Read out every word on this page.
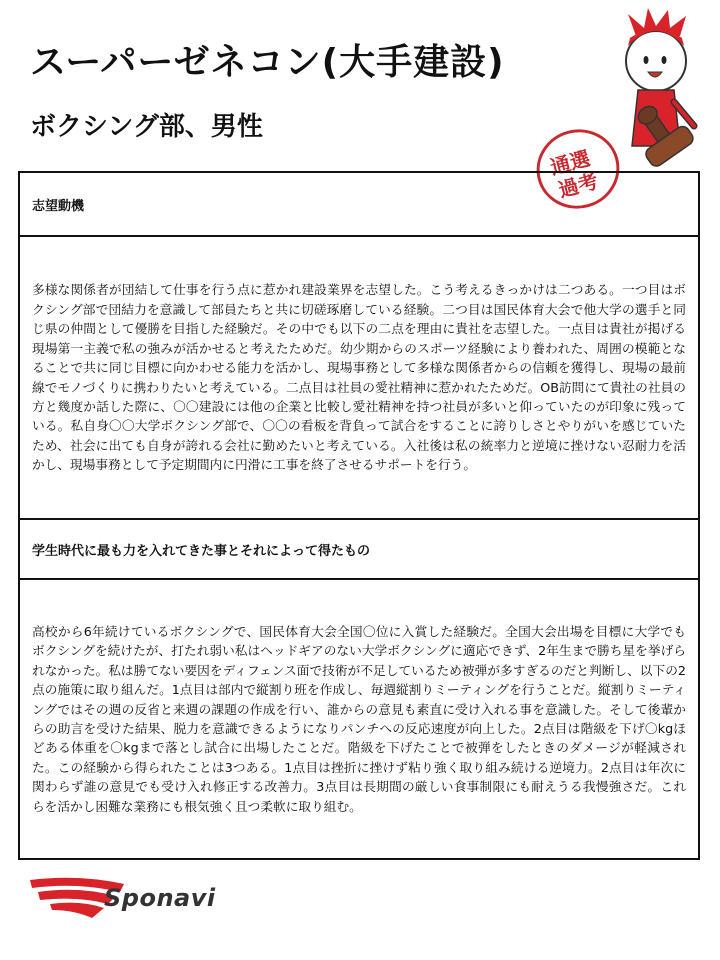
スーパーゼネコン(大手建設)
ボクシング部、男性
通選
過考
志望動機

多様な関係者が団結して仕事を行う点に惹かれ建設業界を志望した。こう考えるきっかけは二つある。一つ目はボクシング部で団結力を意識して部員たちと共に切磋琢磨している経験。二つ目は国民体育大会で他大学の選手と同じ県の仲間として優勝を目指した経験だ。その中でも以下の二点を理由に貴社を志望した。一点目は貴社が掲げる現場第一主義で私の強みが活かせると考えたためだ。幼少期からのスポーツ経験により養われた、周囲の模範となることで共に同じ目標に向かわせる能力を活かし、現場事務として多様な関係者からの信頼を獲得し、現場の最前線でモノづくりに携わりたいと考えている。二点目は社員の愛社精神に惹かれたためだ。OB訪問にて貴社の社員の方と幾度か話した際に、〇〇建設には他の企業と比較し愛社精神を持つ社員が多いと仰っていたのが印象に残っている。私自身〇〇大学ボクシング部で、〇〇の看板を背負って試合をすることに誇りしさとやりがいを感じていたため、社会に出ても自身が誇れる会社に勤めたいと考えている。入社後は私の統率力と逆境に挫けない忍耐力を活かし、現場事務として予定期間内に円滑に工事を終了させるサポートを行う。

学生時代に最も力を入れてきた事とそれによって得たもの

高校から6年続けているボクシングで、国民体育大会全国〇位に入賞した経験だ。全国大会出場を目標に大学でもボクシングを続けたが、打たれ弱い私はヘッドギアのない大学ボクシングに適応できず、2年生まで勝ち星を挙げられなかった。私は勝てない要因をディフェンス面で技術が不足しているため被弾が多すぎるのだと判断し、以下の2点の施策に取り組んだ。1点目は部内で縦割り班を作成し、毎週縦割りミーティングを行うことだ。縦割りミーティングではその週の反省と来週の課題の作成を行い、誰からの意見も素直に受け入れる事を意識した。そして後輩からの助言を受けた結果、脱力を意識できるようになりパンチへの反応速度が向上した。2点目は階級を下げ〇kgほどある体重を〇kgまで落とし試合に出場したことだ。階級を下げたことで被弾をしたときのダメージが軽減された。この経験から得られたことは3つある。1点目は挫折に挫けず粘り強く取り組み続ける逆境力。2点目は年次に関わらず誰の意見でも受け入れ修正する改善力。3点目は長期間の厳しい食事制限にも耐えうる我慢強さだ。これらを活かし困難な業務にも根気強く且つ柔軟に取り組む。

Sponavi
